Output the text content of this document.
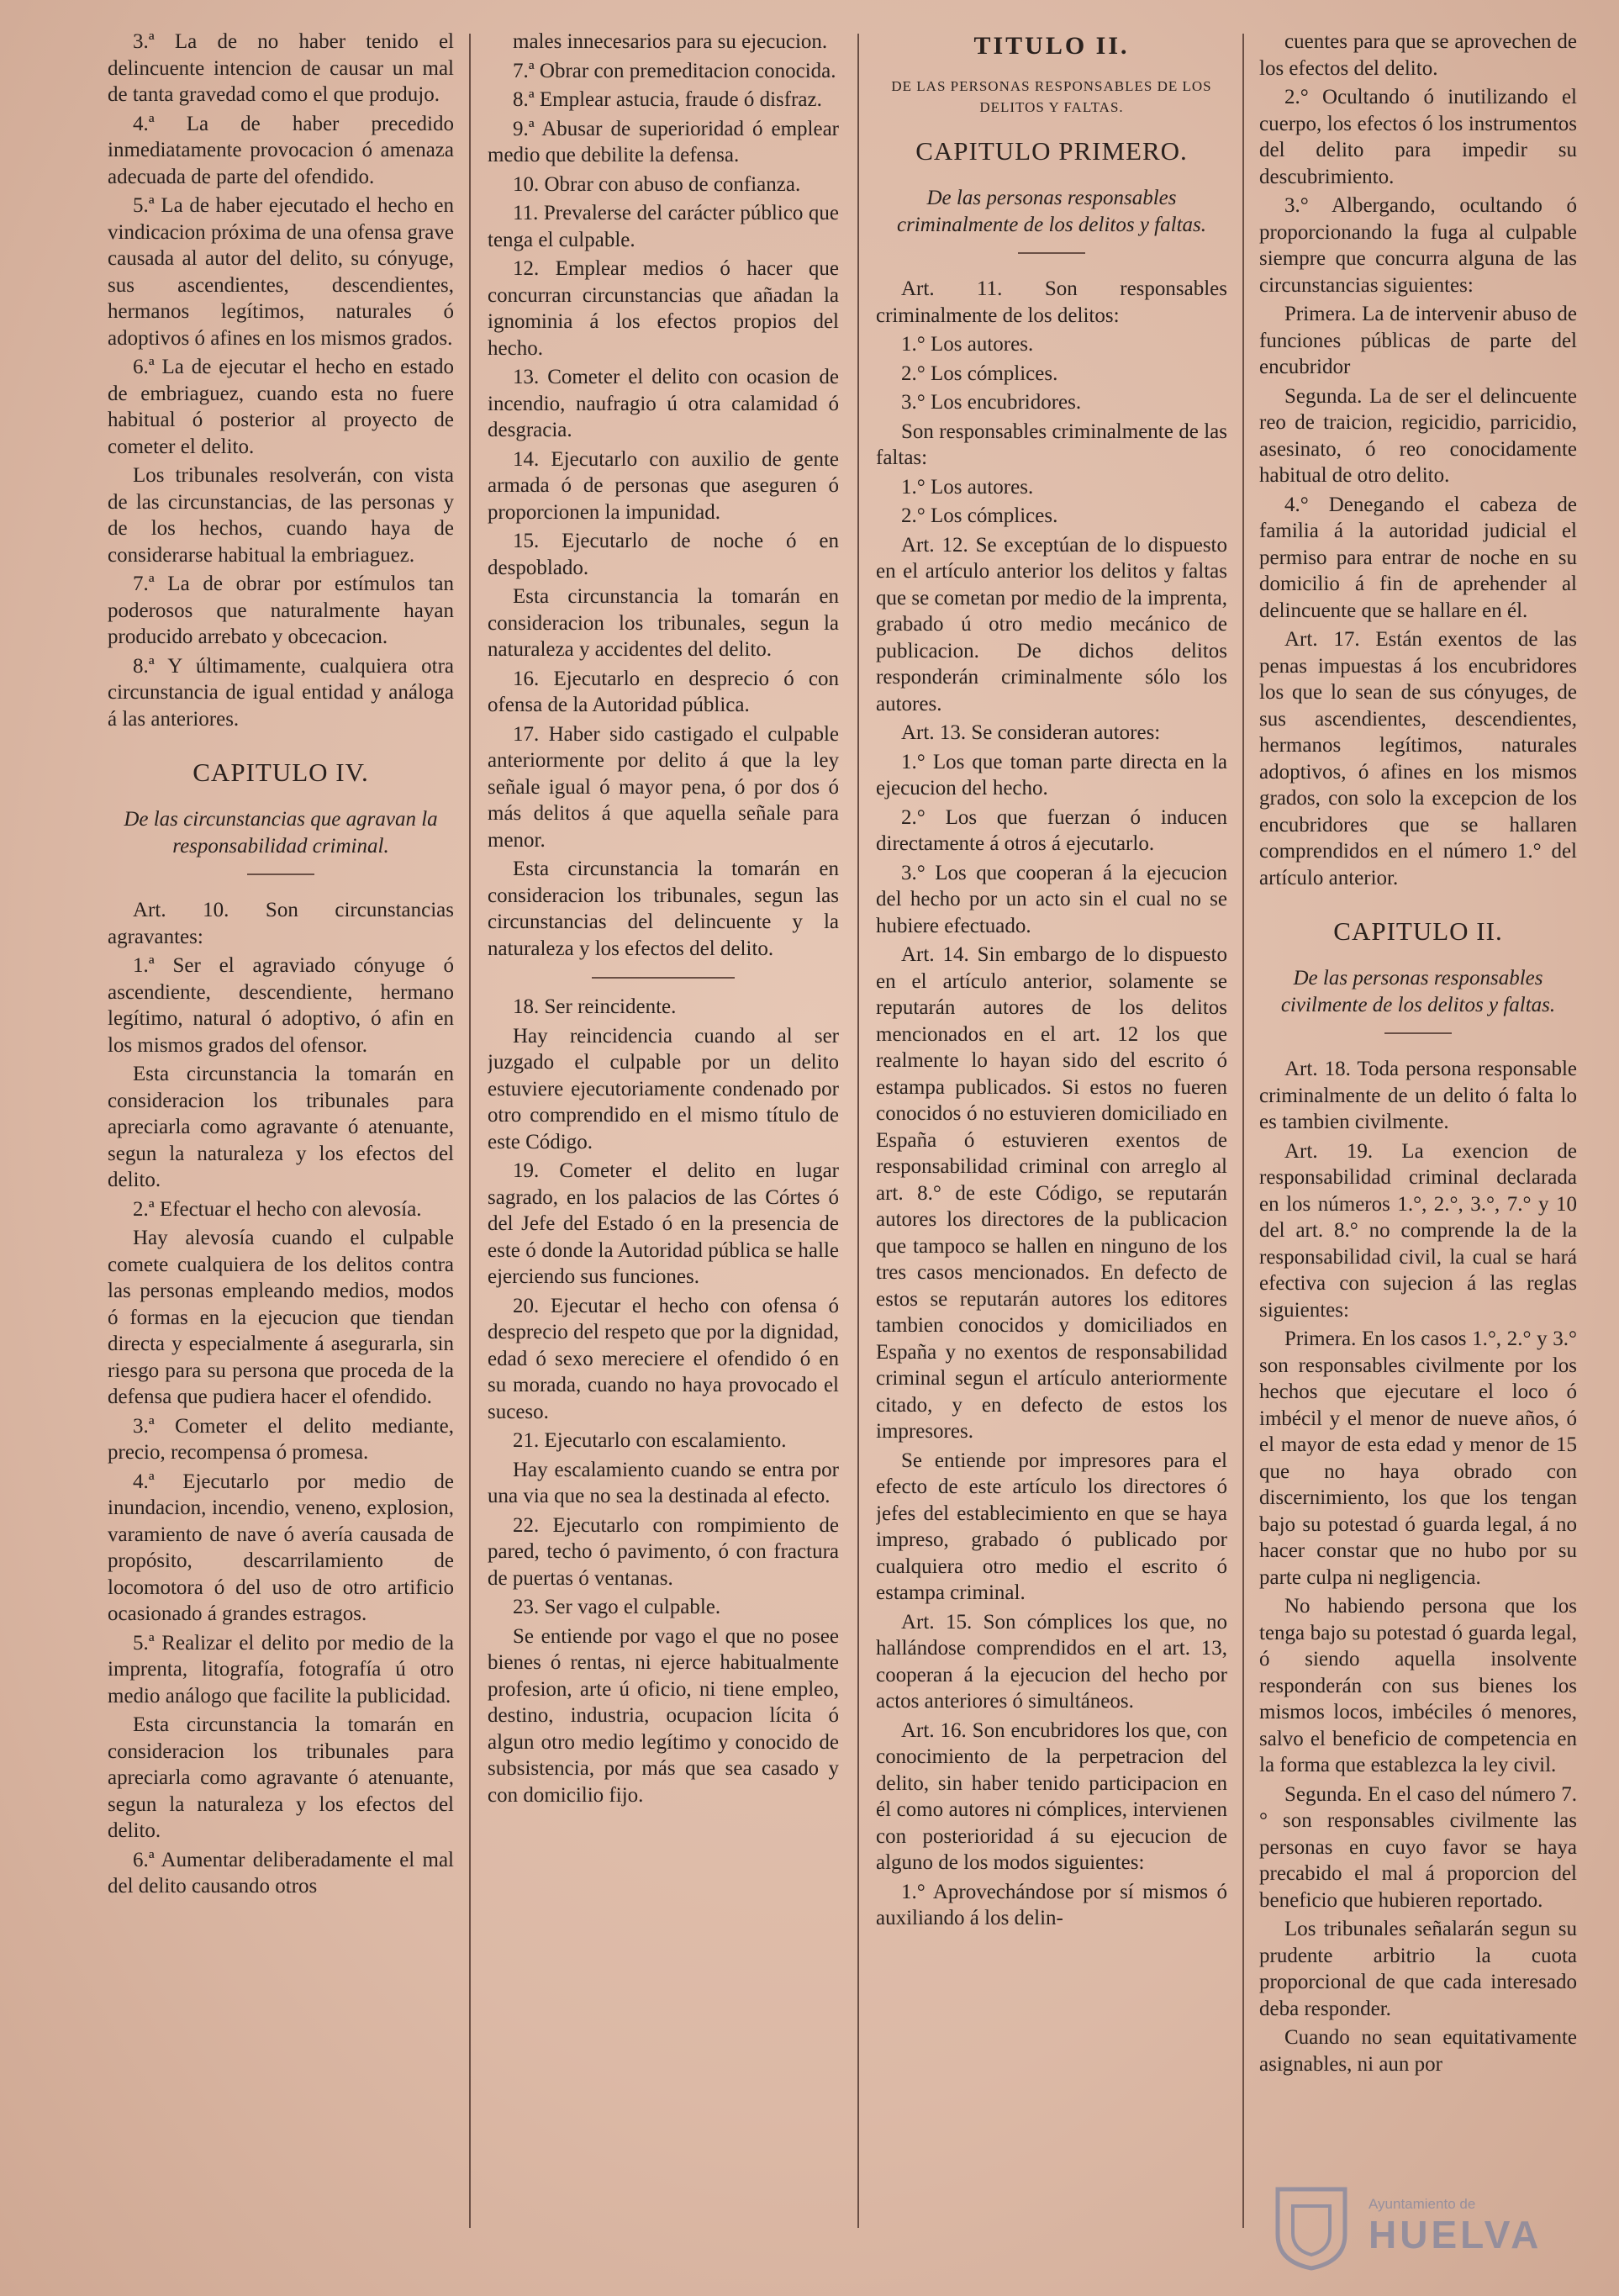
3.ª La de no haber tenido el delincuente intencion de causar un mal de tanta gravedad como el que produjo.

4.ª La de haber precedido inmediatamente provocacion ó amenaza adecuada de parte del ofendido.

5.ª La de haber ejecutado el hecho en vindicacion próxima de una ofensa grave causada al autor del delito, su cónyuge, sus ascendientes, descendientes, hermanos legítimos, naturales ó adoptivos ó afines en los mismos grados.

6.ª La de ejecutar el hecho en estado de embriaguez, cuando esta no fuere habitual ó posterior al proyecto de cometer el delito.

Los tribunales resolverán, con vista de las circunstancias, de las personas y de los hechos, cuando haya de considerarse habitual la embriaguez.

7.ª La de obrar por estímulos tan poderosos que naturalmente hayan producido arrebato y obcecacion.

8.ª Y últimamente, cualquiera otra circunstancia de igual entidad y análoga á las anteriores.

CAPITULO IV.
De las circunstancias que agravan la responsabilidad criminal.

Art. 10. Son circunstancias agravantes:

1.ª Ser el agraviado cónyuge ó ascendiente, descendiente, hermano legítimo, natural ó adoptivo, ó afin en los mismos grados del ofensor.

Esta circunstancia la tomarán en consideracion los tribunales para apreciarla como agravante ó atenuante, segun la naturaleza y los efectos del delito.

2.ª Efectuar el hecho con alevosía.

Hay alevosía cuando el culpable comete cualquiera de los delitos contra las personas empleando medios, modos ó formas en la ejecucion que tiendan directa y especialmente á asegurarla, sin riesgo para su persona que proceda de la defensa que pudiera hacer el ofendido.

3.ª Cometer el delito mediante, precio, recompensa ó promesa.

4.ª Ejecutarlo por medio de inundacion, incendio, veneno, explosion, varamiento de nave ó avería causada de propósito, descarrilamiento de locomotora ó del uso de otro artificio ocasionado á grandes estragos.

5.ª Realizar el delito por medio de la imprenta, litografía, fotografía ú otro medio análogo que facilite la publicidad.

Esta circunstancia la tomarán en consideracion los tribunales para apreciarla como agravante ó atenuante, segun la naturaleza y los efectos del delito.

6.ª Aumentar deliberadamente el mal del delito causando otros

males innecesarios para su ejecucion.

7.ª Obrar con premeditacion conocida.

8.ª Emplear astucia, fraude ó disfraz.

9.ª Abusar de superioridad ó emplear medio que debilite la defensa.

10. Obrar con abuso de confianza.

11. Prevalerse del carácter público que tenga el culpable.

12. Emplear medios ó hacer que concurran circunstancias que añadan la ignominia á los efectos propios del hecho.

13. Cometer el delito con ocasion de incendio, naufragio ú otra calamidad ó desgracia.

14. Ejecutarlo con auxilio de gente armada ó de personas que aseguren ó proporcionen la impunidad.

15. Ejecutarlo de noche ó en despoblado.

Esta circunstancia la tomarán en consideracion los tribunales, segun la naturaleza y accidentes del delito.

16. Ejecutarlo en desprecio ó con ofensa de la Autoridad pública.

17. Haber sido castigado el culpable anteriormente por delito á que la ley señale igual ó mayor pena, ó por dos ó más delitos á que aquella señale para menor.

Esta circunstancia la tomarán en consideracion los tribunales, segun las circunstancias del delincuente y la naturaleza y los efectos del delito.

18. Ser reincidente.

Hay reincidencia cuando al ser juzgado el culpable por un delito estuviere ejecutoriamente condenado por otro comprendido en el mismo título de este Código.

19. Cometer el delito en lugar sagrado, en los palacios de las Córtes ó del Jefe del Estado ó en la presencia de este ó donde la Autoridad pública se halle ejerciendo sus funciones.

20. Ejecutar el hecho con ofensa ó desprecio del respeto que por la dignidad, edad ó sexo mereciere el ofendido ó en su morada, cuando no haya provocado el suceso.

21. Ejecutarlo con escalamiento.

Hay escalamiento cuando se entra por una via que no sea la destinada al efecto.

22. Ejecutarlo con rompimiento de pared, techo ó pavimento, ó con fractura de puertas ó ventanas.

23. Ser vago el culpable.

Se entiende por vago el que no posee bienes ó rentas, ni ejerce habitualmente profesion, arte ú oficio, ni tiene empleo, destino, industria, ocupacion lícita ó algun otro medio legítimo y conocido de subsistencia, por más que sea casado y con domicilio fijo.

TITULO II.
DE LAS PERSONAS RESPONSABLES DE LOS DELITOS Y FALTAS.
CAPITULO PRIMERO.
De las personas responsables criminalmente de los delitos y faltas.

Art. 11. Son responsables criminalmente de los delitos:

1.° Los autores.

2.° Los cómplices.

3.° Los encubridores.

Son responsables criminalmente de las faltas:

1.° Los autores.

2.° Los cómplices.

Art. 12. Se exceptúan de lo dispuesto en el artículo anterior los delitos y faltas que se cometan por medio de la imprenta, grabado ú otro medio mecánico de publicacion. De dichos delitos responderán criminalmente sólo los autores.

Art. 13. Se consideran autores:

1.° Los que toman parte directa en la ejecucion del hecho.

2.° Los que fuerzan ó inducen directamente á otros á ejecutarlo.

3.° Los que cooperan á la ejecucion del hecho por un acto sin el cual no se hubiere efectuado.

Art. 14. Sin embargo de lo dispuesto en el artículo anterior, solamente se reputarán autores de los delitos mencionados en el art. 12 los que realmente lo hayan sido del escrito ó estampa publicados. Si estos no fueren conocidos ó no estuvieren domiciliado en España ó estuvieren exentos de responsabilidad criminal con arreglo al art. 8.° de este Código, se reputarán autores los directores de la publicacion que tampoco se hallen en ninguno de los tres casos mencionados. En defecto de estos se reputarán autores los editores tambien conocidos y domiciliados en España y no exentos de responsabilidad criminal segun el artículo anteriormente citado, y en defecto de estos los impresores.

Se entiende por impresores para el efecto de este artículo los directores ó jefes del establecimiento en que se haya impreso, grabado ó publicado por cualquiera otro medio el escrito ó estampa criminal.

Art. 15. Son cómplices los que, no hallándose comprendidos en el art. 13, cooperan á la ejecucion del hecho por actos anteriores ó simultáneos.

Art. 16. Son encubridores los que, con conocimiento de la perpetracion del delito, sin haber tenido participacion en él como autores ni cómplices, intervienen con posterioridad á su ejecucion de alguno de los modos siguientes:

1.° Aprovechándose por sí mismos ó auxiliando á los delin-

cuentes para que se aprovechen de los efectos del delito.

2.° Ocultando ó inutilizando el cuerpo, los efectos ó los instrumentos del delito para impedir su descubrimiento.

3.° Albergando, ocultando ó proporcionando la fuga al culpable siempre que concurra alguna de las circunstancias siguientes:

Primera. La de intervenir abuso de funciones públicas de parte del encubridor

Segunda. La de ser el delincuente reo de traicion, regicidio, parricidio, asesinato, ó reo conocidamente habitual de otro delito.

4.° Denegando el cabeza de familia á la autoridad judicial el permiso para entrar de noche en su domicilio á fin de aprehender al delincuente que se hallare en él.

Art. 17. Están exentos de las penas impuestas á los encubridores los que lo sean de sus cónyuges, de sus ascendientes, descendientes, hermanos legítimos, naturales adoptivos, ó afines en los mismos grados, con solo la excepcion de los encubridores que se hallaren comprendidos en el número 1.° del artículo anterior.

CAPITULO II.
De las personas responsables civilmente de los delitos y faltas.

Art. 18. Toda persona responsable criminalmente de un delito ó falta lo es tambien civilmente.

Art. 19. La exencion de responsabilidad criminal declarada en los números 1.°, 2.°, 3.°, 7.° y 10 del art. 8.° no comprende la de la responsabilidad civil, la cual se hará efectiva con sujecion á las reglas siguientes:

Primera. En los casos 1.°, 2.° y 3.° son responsables civilmente por los hechos que ejecutare el loco ó imbécil y el menor de nueve años, ó el mayor de esta edad y menor de 15 que no haya obrado con discernimiento, los que los tengan bajo su potestad ó guarda legal, á no hacer constar que no hubo por su parte culpa ni negligencia.

No habiendo persona que los tenga bajo su potestad ó guarda legal, ó siendo aquella insolvente responderán con sus bienes los mismos locos, imbéciles ó menores, salvo el beneficio de competencia en la forma que establezca la ley civil.

Segunda. En el caso del número 7.° son responsables civilmente las personas en cuyo favor se haya precabido el mal á proporcion del beneficio que hubieren reportado.

Los tribunales señalarán segun su prudente arbitrio la cuota proporcional de que cada interesado deba responder.

Cuando no sean equitativamente asignables, ni aun por

Ayuntamiento de
HUELVA
